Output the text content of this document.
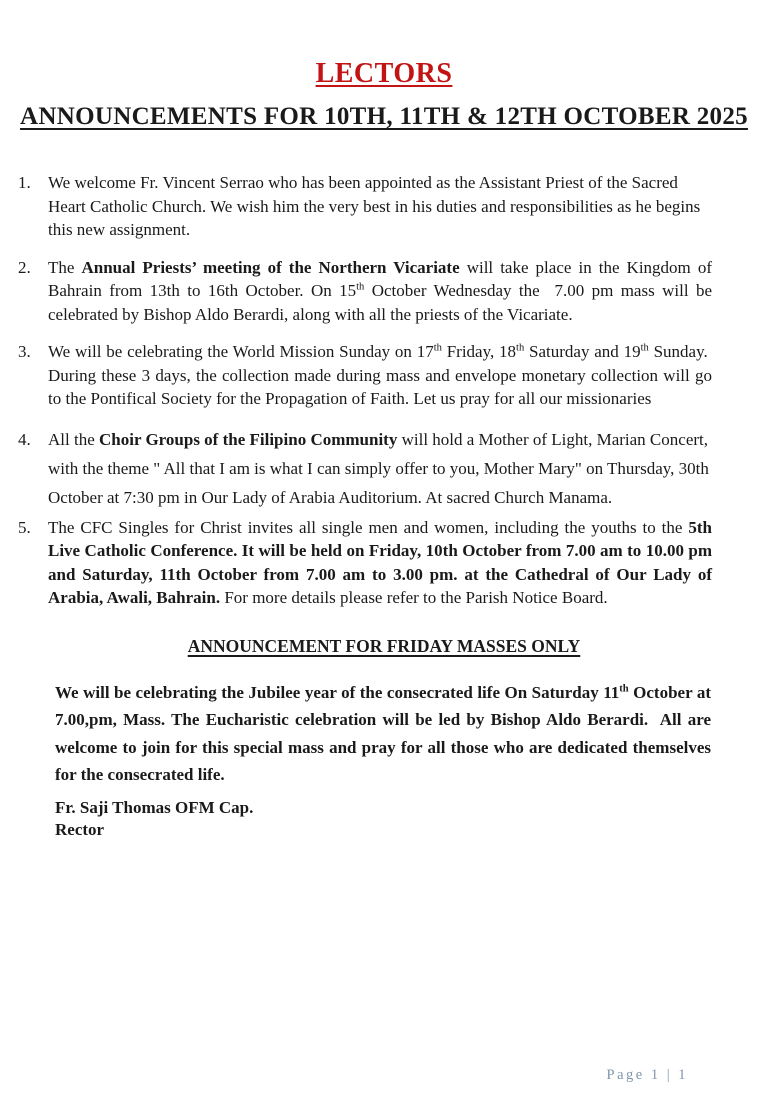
LECTORS
ANNOUNCEMENTS FOR 10TH, 11TH & 12TH OCTOBER 2025
1. We welcome Fr. Vincent Serrao who has been appointed as the Assistant Priest of the Sacred Heart Catholic Church. We wish him the very best in his duties and responsibilities as he begins this new assignment.
2. The Annual Priests’ meeting of the Northern Vicariate will take place in the Kingdom of Bahrain from 13th to 16th October. On 15th October Wednesday the  7.00 pm mass will be celebrated by Bishop Aldo Berardi, along with all the priests of the Vicariate.
3. We will be celebrating the World Mission Sunday on 17th Friday, 18th Saturday and 19th Sunday.  During these 3 days, the collection made during mass and envelope monetary collection will go to the Pontifical Society for the Propagation of Faith. Let us pray for all our missionaries
4. All the Choir Groups of the Filipino Community will hold a Mother of Light, Marian Concert, with the theme " All that I am is what I can simply offer to you, Mother Mary" on Thursday, 30th October at 7:30 pm in Our Lady of Arabia Auditorium. At sacred Church Manama.
5. The CFC Singles for Christ invites all single men and women, including the youths to the 5th Live Catholic Conference. It will be held on Friday, 10th October from 7.00 am to 10.00 pm and Saturday, 11th October from 7.00 am to 3.00 pm. at the Cathedral of Our Lady of Arabia, Awali, Bahrain. For more details please refer to the Parish Notice Board.
ANNOUNCEMENT FOR FRIDAY MASSES ONLY
We will be celebrating the Jubilee year of the consecrated life On Saturday 11th October at 7.00,pm, Mass. The Eucharistic celebration will be led by Bishop Aldo Berardi.  All are welcome to join for this special mass and pray for all those who are dedicated themselves for the consecrated life.
Fr. Saji Thomas OFM Cap.
Rector
Page 1 | 1
